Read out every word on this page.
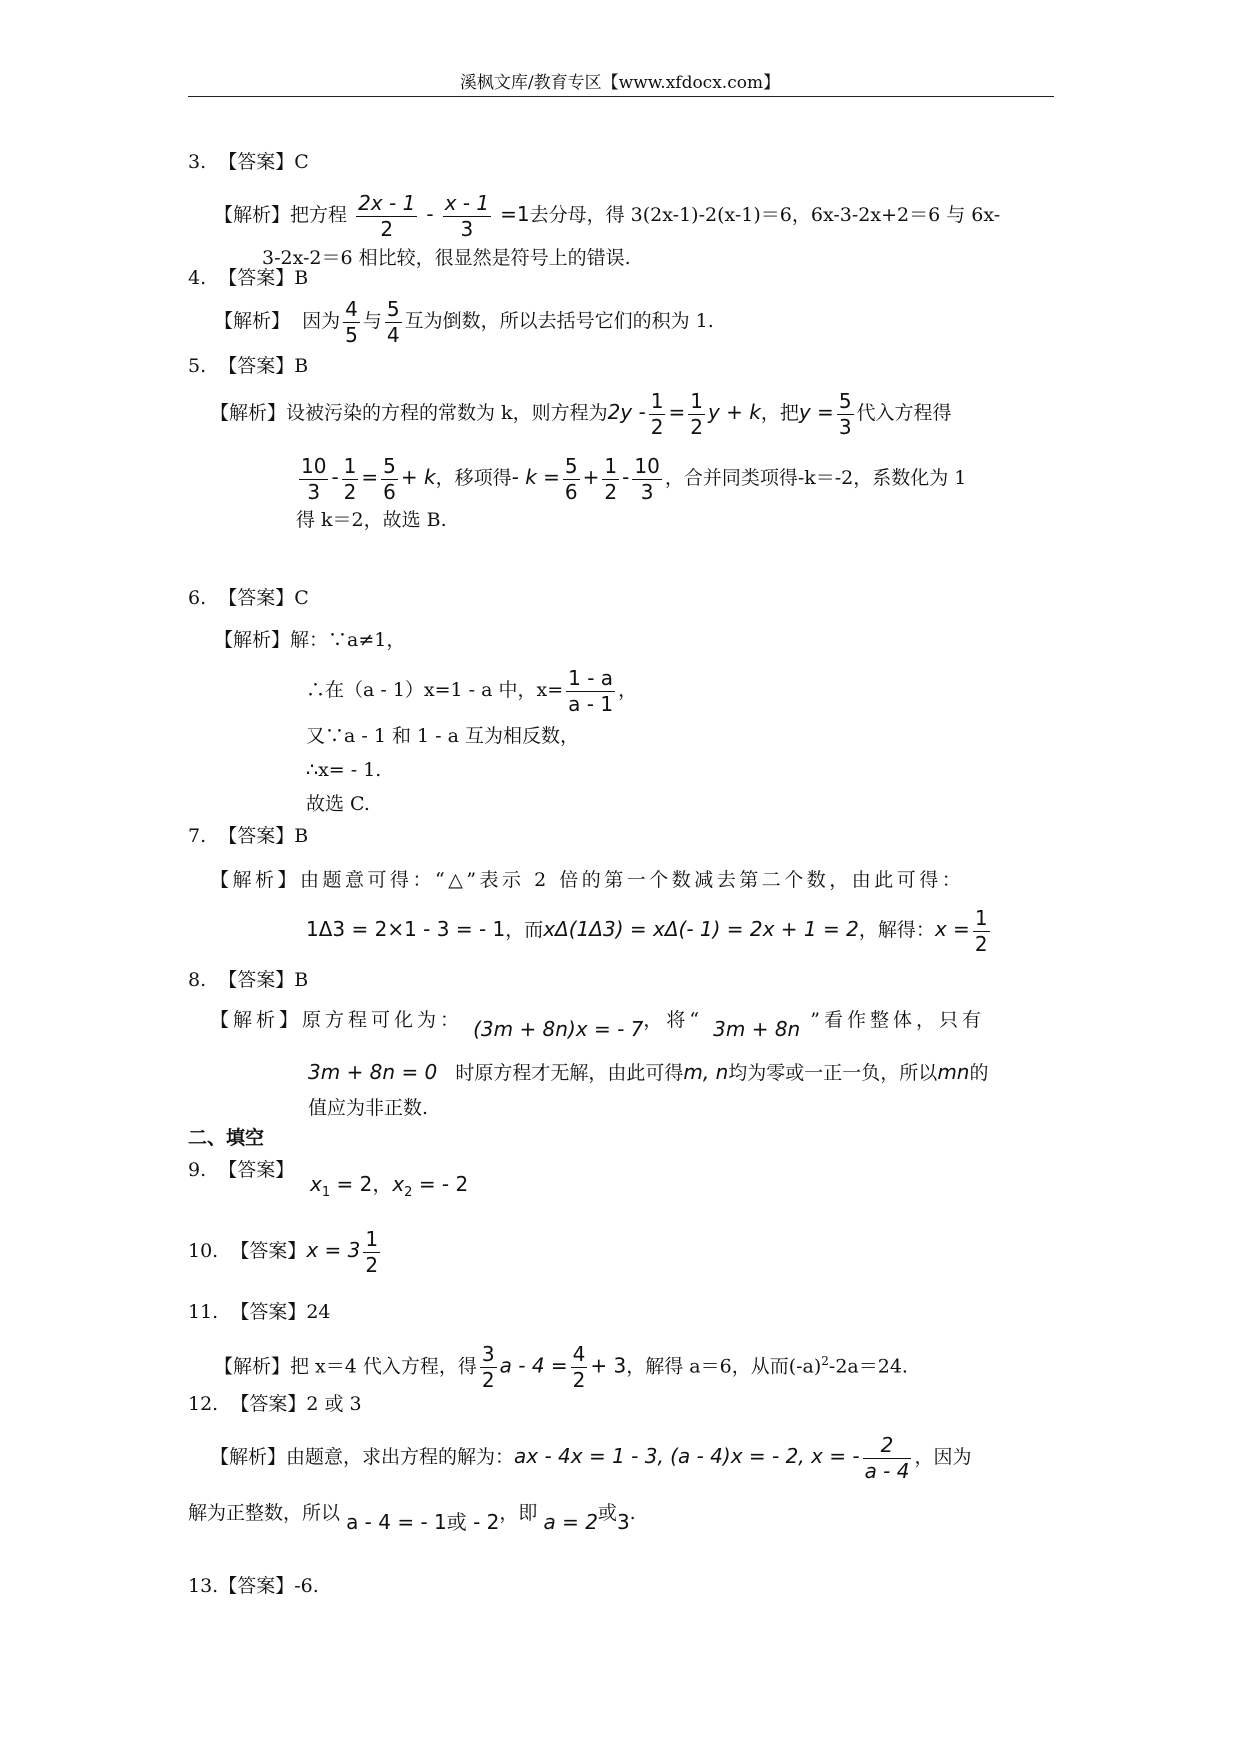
溪枫文库/教育专区【www.xfdocx.com】
3. 【答案】C
【解析】把方程 $\frac{2x - 1}{2} - \frac{x - 1}{3} =1$去分母，得 3(2x-1)-2(x-1)＝6，6x-3-2x+2＝6 与 6x-
3-2x-2＝6 相比较，很显然是符号上的错误.
4. 【答案】B
【解析】 因为 $\frac{4}{5}$ 与 $\frac{5}{4}$ 互为倒数，所以去括号它们的积为 1.
5. 【答案】B
【解析】设被污染的方程的常数为 k，则方程为$2y - \frac{1}{2} = \frac{1}{2}$ y + k，把$y = \frac{5}{3}$ 代入方程得
$\frac{10}{3} - \frac{1}{2} = \frac{5}{6} + k$，移项得- $k = \frac{5}{6} + \frac{1}{2} - \frac{10}{3}$ ，合并同类项得-k＝-2，系数化为 1
得 k＝2，故选 B.
6. 【答案】C
【解析】解：∵a≠1，
∴在（a - 1）x=1 - a 中，$x= \frac{1 - a}{a - 1}$ ，
又∵a - 1 和 1 - a 互为相反数，
∴x= - 1.
故选 C.
7. 【答案】B
【解析】由题意可得：“△”表示 2 倍的第一个数减去第二个数，由此可得：
1Δ3 = 2×1 - 3 = - 1，而xΔ(1Δ3) = xΔ(- 1) = 2x + 1 = 2，解得：$x = \frac{1}{2}$
8. 【答案】B
【解析】原方程可化为： (3m + 8n)x = - 7，将“ 3m + 8n ”看作整体，只有
3m + 8n = 0 时原方程才无解，由此可得m, n均为零或一正一负，所以mn的
值应为非正数.
二、填空
9. 【答案】
$x_1 = 2$，$x_2$ = - 2
10. 【答案】$x = 3 \frac{1}{2}$
11. 【答案】24
【解析】把 x＝4 代入方程，得 $\frac{3}{2}$ $a - 4 = \frac{4}{2} + 3$，解得 a＝6，从而$(-a)^2-2a=24$.
12. 【答案】2 或 3
【解析】由题意，求出方程的解为：ax - 4x = 1 - 3, (a - 4)x = - 2, x = - $\frac{2}{a - 4}$ ，因为
解为正整数，所以 a - 4 = - 1或 - 2，即 a = 2或3.
13.【答案】-6.
